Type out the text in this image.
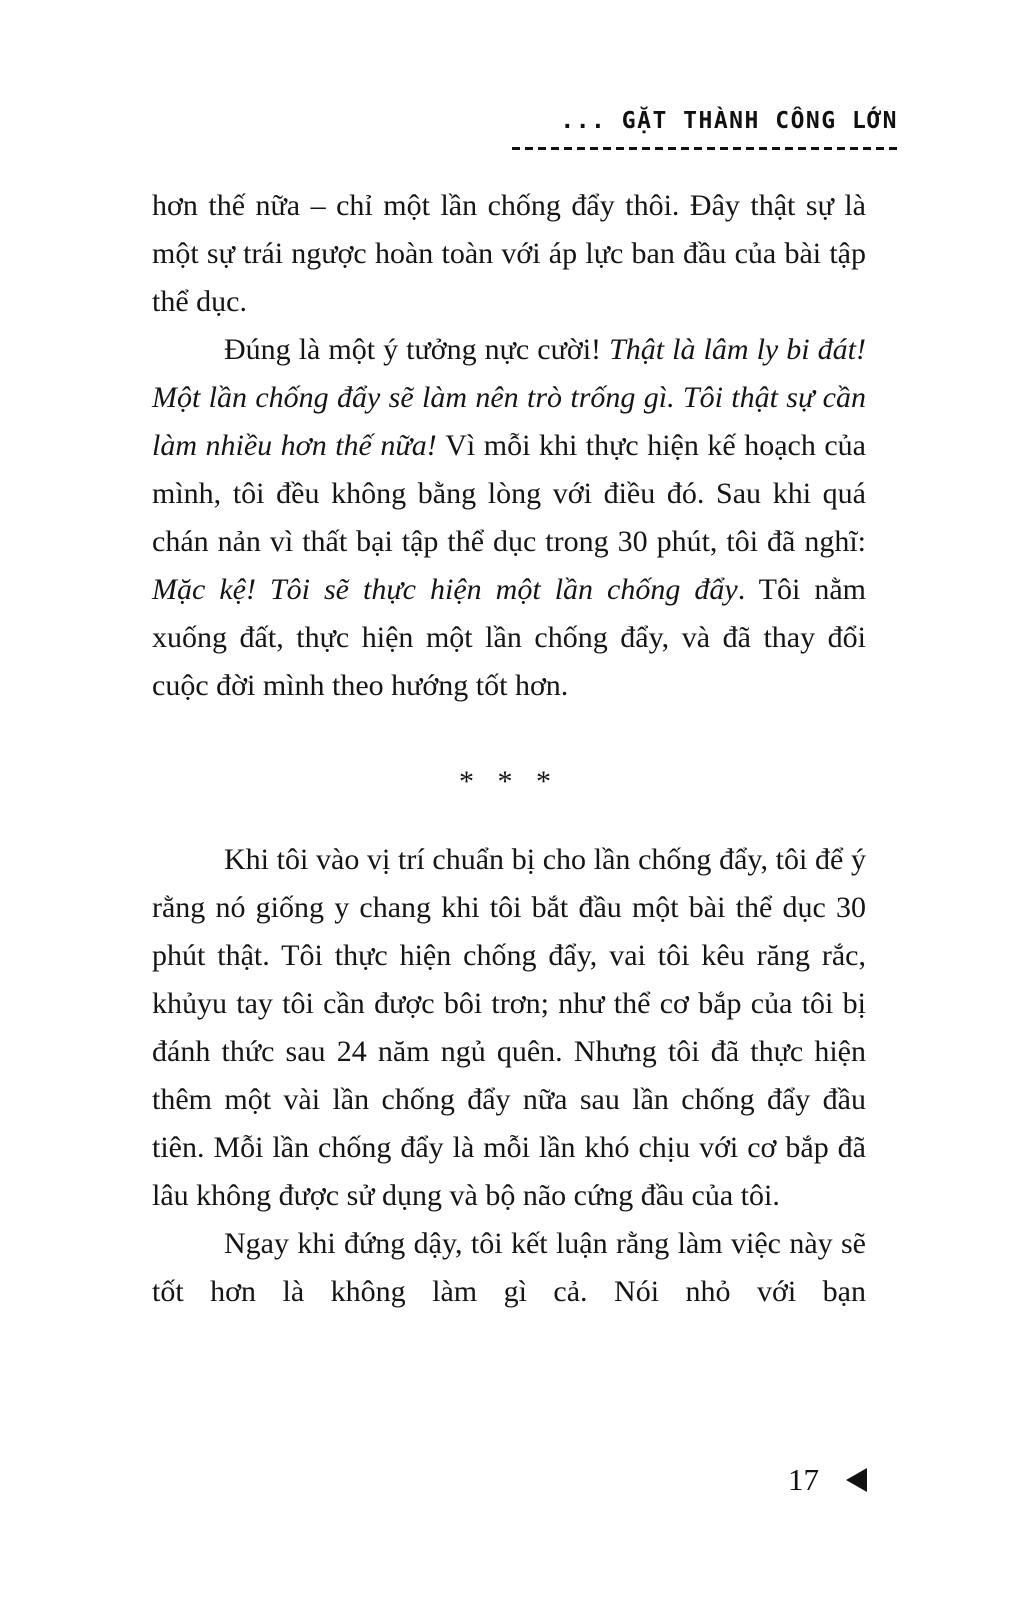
... GẶT THÀNH CÔNG LỚN

hơn thế nữa – chỉ một lần chống đẩy thôi. Đây thật sự là một sự trái ngược hoàn toàn với áp lực ban đầu của bài tập thể dục.

Đúng là một ý tưởng nực cười! Thật là lâm ly bi đát! Một lần chống đẩy sẽ làm nên trò trống gì. Tôi thật sự cần làm nhiều hơn thế nữa! Vì mỗi khi thực hiện kế hoạch của mình, tôi đều không bằng lòng với điều đó. Sau khi quá chán nản vì thất bại tập thể dục trong 30 phút, tôi đã nghĩ: Mặc kệ! Tôi sẽ thực hiện một lần chống đẩy. Tôi nằm xuống đất, thực hiện một lần chống đẩy, và đã thay đổi cuộc đời mình theo hướng tốt hơn.

* * *

Khi tôi vào vị trí chuẩn bị cho lần chống đẩy, tôi để ý rằng nó giống y chang khi tôi bắt đầu một bài thể dục 30 phút thật. Tôi thực hiện chống đẩy, vai tôi kêu răng rắc, khủyu tay tôi cần được bôi trơn; như thể cơ bắp của tôi bị đánh thức sau 24 năm ngủ quên. Nhưng tôi đã thực hiện thêm một vài lần chống đẩy nữa sau lần chống đẩy đầu tiên. Mỗi lần chống đẩy là mỗi lần khó chịu với cơ bắp đã lâu không được sử dụng và bộ não cứng đầu của tôi.

Ngay khi đứng dậy, tôi kết luận rằng làm việc này sẽ tốt hơn là không làm gì cả. Nói nhỏ với bạn

17
